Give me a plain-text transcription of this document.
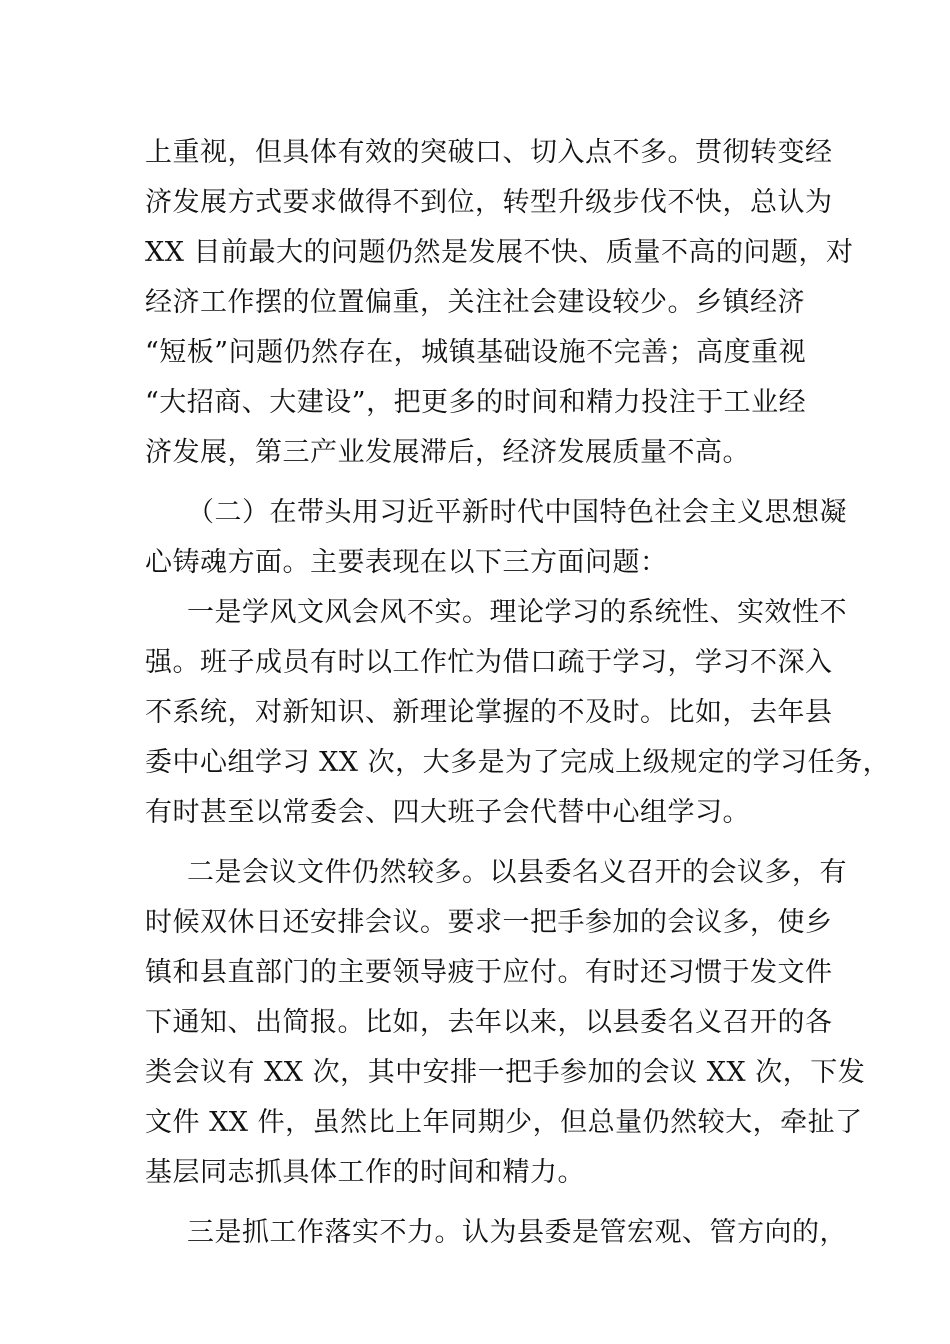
上重视，但具体有效的突破口、切入点不多。贯彻转变经
济发展方式要求做得不到位，转型升级步伐不快，总认为
XX 目前最大的问题仍然是发展不快、质量不高的问题，对
经济工作摆的位置偏重，关注社会建设较少。乡镇经济
“短板”问题仍然存在，城镇基础设施不完善；高度重视
“大招商、大建设”，把更多的时间和精力投注于工业经
济发展，第三产业发展滞后，经济发展质量不高。
（二）在带头用习近平新时代中国特色社会主义思想凝
心铸魂方面。主要表现在以下三方面问题：
一是学风文风会风不实。理论学习的系统性、实效性不
强。班子成员有时以工作忙为借口疏于学习，学习不深入
不系统，对新知识、新理论掌握的不及时。比如，去年县
委中心组学习 XX 次，大多是为了完成上级规定的学习任务，
有时甚至以常委会、四大班子会代替中心组学习。
二是会议文件仍然较多。以县委名义召开的会议多，有
时候双休日还安排会议。要求一把手参加的会议多，使乡
镇和县直部门的主要领导疲于应付。有时还习惯于发文件
下通知、出简报。比如，去年以来，以县委名义召开的各
类会议有 XX 次，其中安排一把手参加的会议 XX 次，下发
文件 XX 件，虽然比上年同期少，但总量仍然较大，牵扯了
基层同志抓具体工作的时间和精力。
三是抓工作落实不力。认为县委是管宏观、管方向的，
